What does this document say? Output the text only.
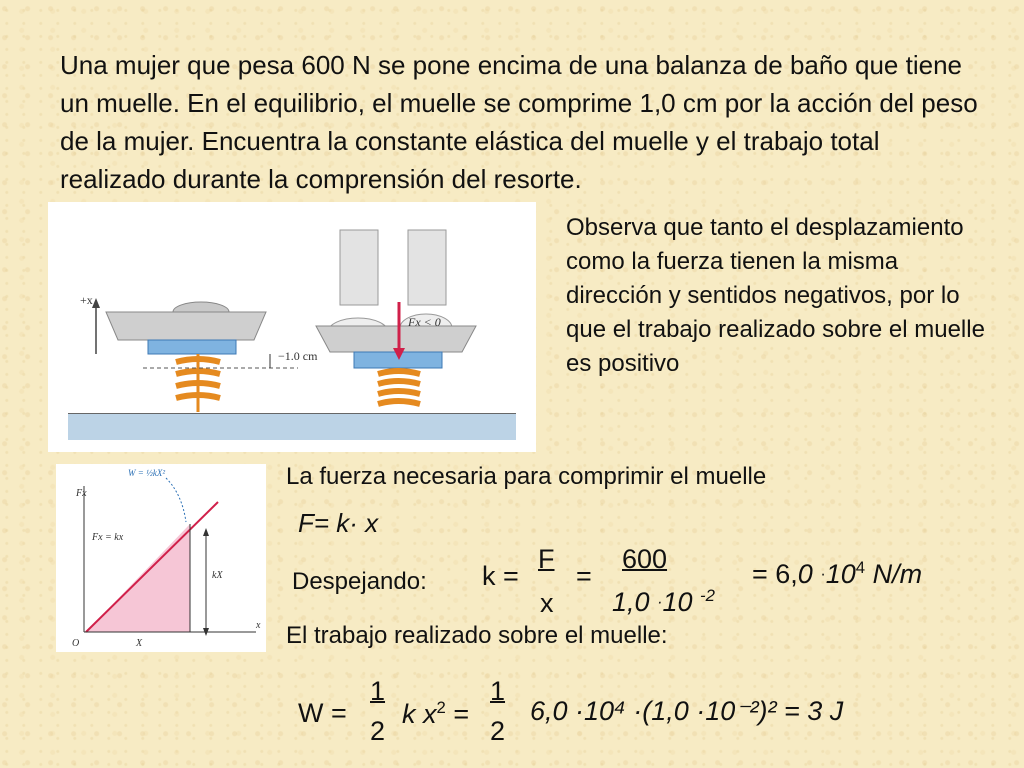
Una mujer que pesa 600 N se pone encima de una balanza de baño que tiene un muelle. En el equilibrio, el muelle se comprime 1,0 cm por la acción del peso de la mujer. Encuentra la constante elástica del muelle y el trabajo total realizado durante la comprensión del resorte.
+x
−1.0 cm
Fx < 0
Observa que tanto el desplazamiento como la fuerza tienen la misma dirección y sentidos negativos, por lo que el trabajo realizado sobre el muelle es positivo
W = ½kX²
Fx
Fx = kx
kX
X
O
x
La fuerza necesaria para comprimir el muelle
F= k· x
Despejando: k =
F
x
=
600
1,0 ·10 $^{-2}$
= $6,0 \cdot 10^4$ N/m
El trabajo realizado sobre el muelle:
W =
1
2
k $x^2$ =
1
2
6,0 ·10⁴ ·(1,0 ·10⁻²)² = 3 J
